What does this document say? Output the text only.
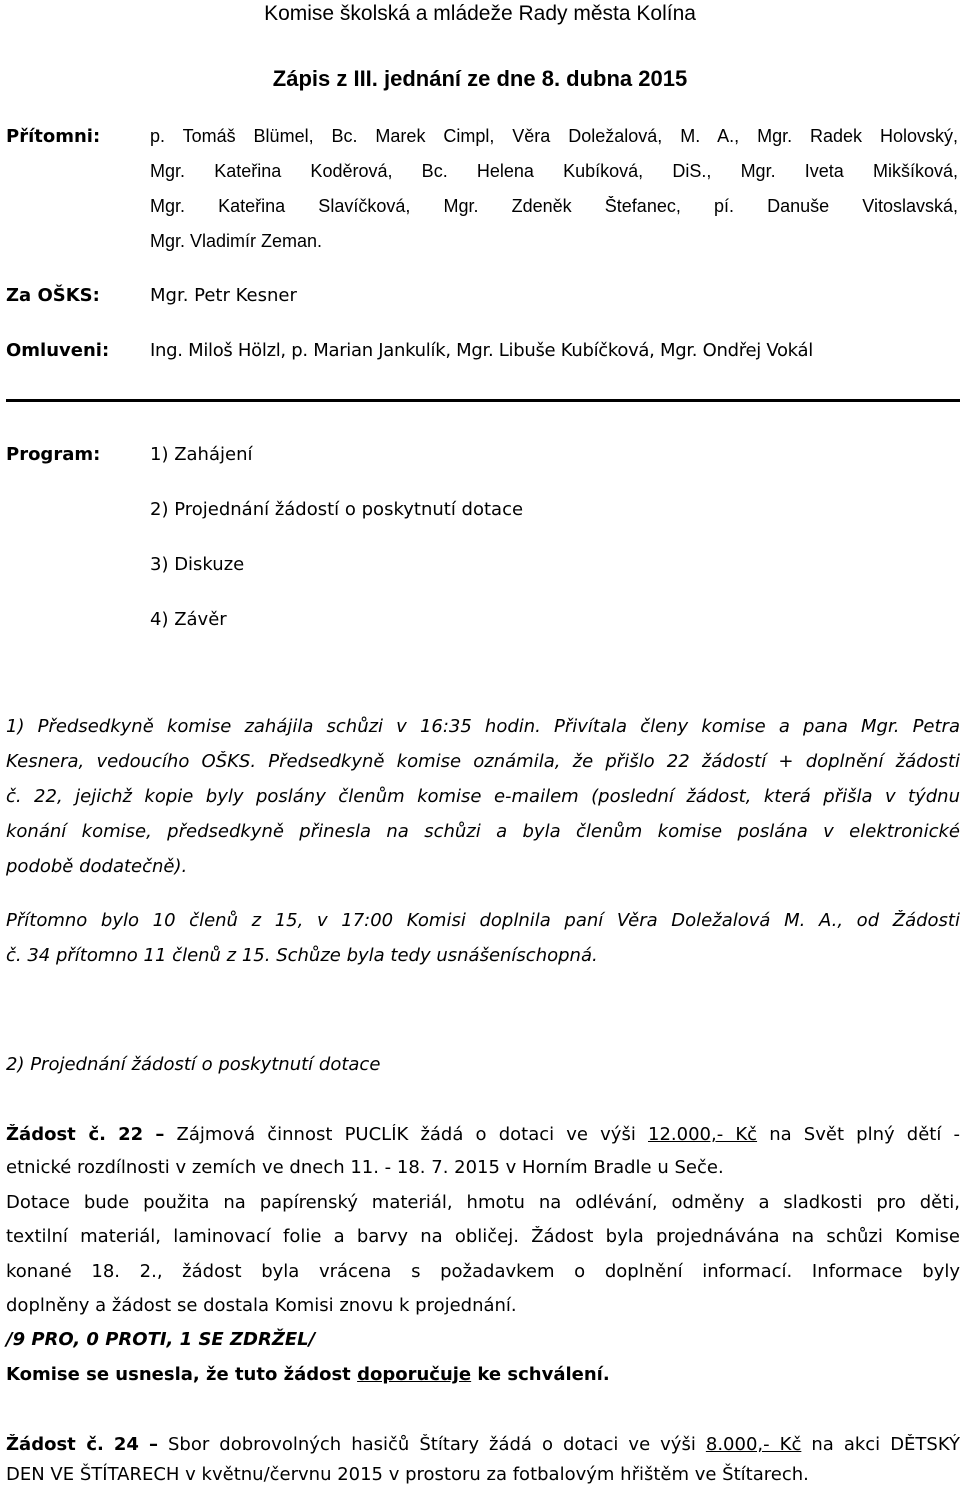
Komise školská a mládeže Rady města Kolína
Zápis z III. jednání ze dne 8. dubna 2015
Přítomni:	p. Tomáš Blümel, Bc. Marek Cimpl, Věra Doležalová, M. A., Mgr. Radek Holovský,
Mgr. Kateřina Koděrová, Bc. Helena Kubíková, DiS., Mgr. Iveta Mikšíková,
Mgr. Kateřina Slavíčková, Mgr. Zdeněk Štefanec, pí. Danuše Vitoslavská,
Mgr. Vladimír Zeman.
Za OŠKS:	Mgr. Petr Kesner
Omluveni: Ing. Miloš Hölzl, p. Marian Jankulík, Mgr. Libuše Kubíčková, Mgr. Ondřej Vokál
Program:	1) Zahájení
2) Projednání žádostí o poskytnutí dotace
3) Diskuze
4) Závěr
1) Předsedkyně komise zahájila schůzi v 16:35 hodin. Přivítala členy komise a pana Mgr. Petra
Kesnera, vedoucího OŠKS. Předsedkyně komise oznámila, že přišlo 22 žádostí + doplnění žádosti
č. 22, jejichž kopie byly poslány členům komise e-mailem (poslední žádost, která přišla v týdnu
konání komise, předsedkyně přinesla na schůzi a byla členům komise poslána v elektronické
podobě dodatečně).
Přítomno bylo 10 členů z 15, v 17:00 Komisi doplnila paní Věra Doležalová M. A., od Žádosti
č. 34 přítomno 11 členů z 15. Schůze byla tedy usnášeníschopná.
2) Projednání žádostí o poskytnutí dotace
Žádost č. 22 – Zájmová činnost PUCLÍK žádá o dotaci ve výši 12.000,- Kč na Svět plný dětí -
etnické rozdílnosti v zemích ve dnech 11. - 18. 7. 2015 v Horním Bradle u Seče.
Dotace bude použita na papírenský materiál, hmotu na odlévání, odměny a sladkosti pro děti,
textilní materiál, laminovací folie a barvy na obličej. Žádost byla projednávána na schůzi Komise
konané 18. 2., žádost byla vrácena s požadavkem o doplnění informací. Informace byly
doplněny a žádost se dostala Komisi znovu k projednání.
/9 PRO, 0 PROTI, 1 SE ZDRŽEL/
Komise se usnesla, že tuto žádost doporučuje ke schválení.
Žádost č. 24 – Sbor dobrovolných hasičů Štítary žádá o dotaci ve výši 8.000,- Kč na akci DĚTSKÝ
DEN VE ŠTÍTARECH v květnu/červnu 2015 v prostoru za fotbalovým hřištěm ve Štítarech.
